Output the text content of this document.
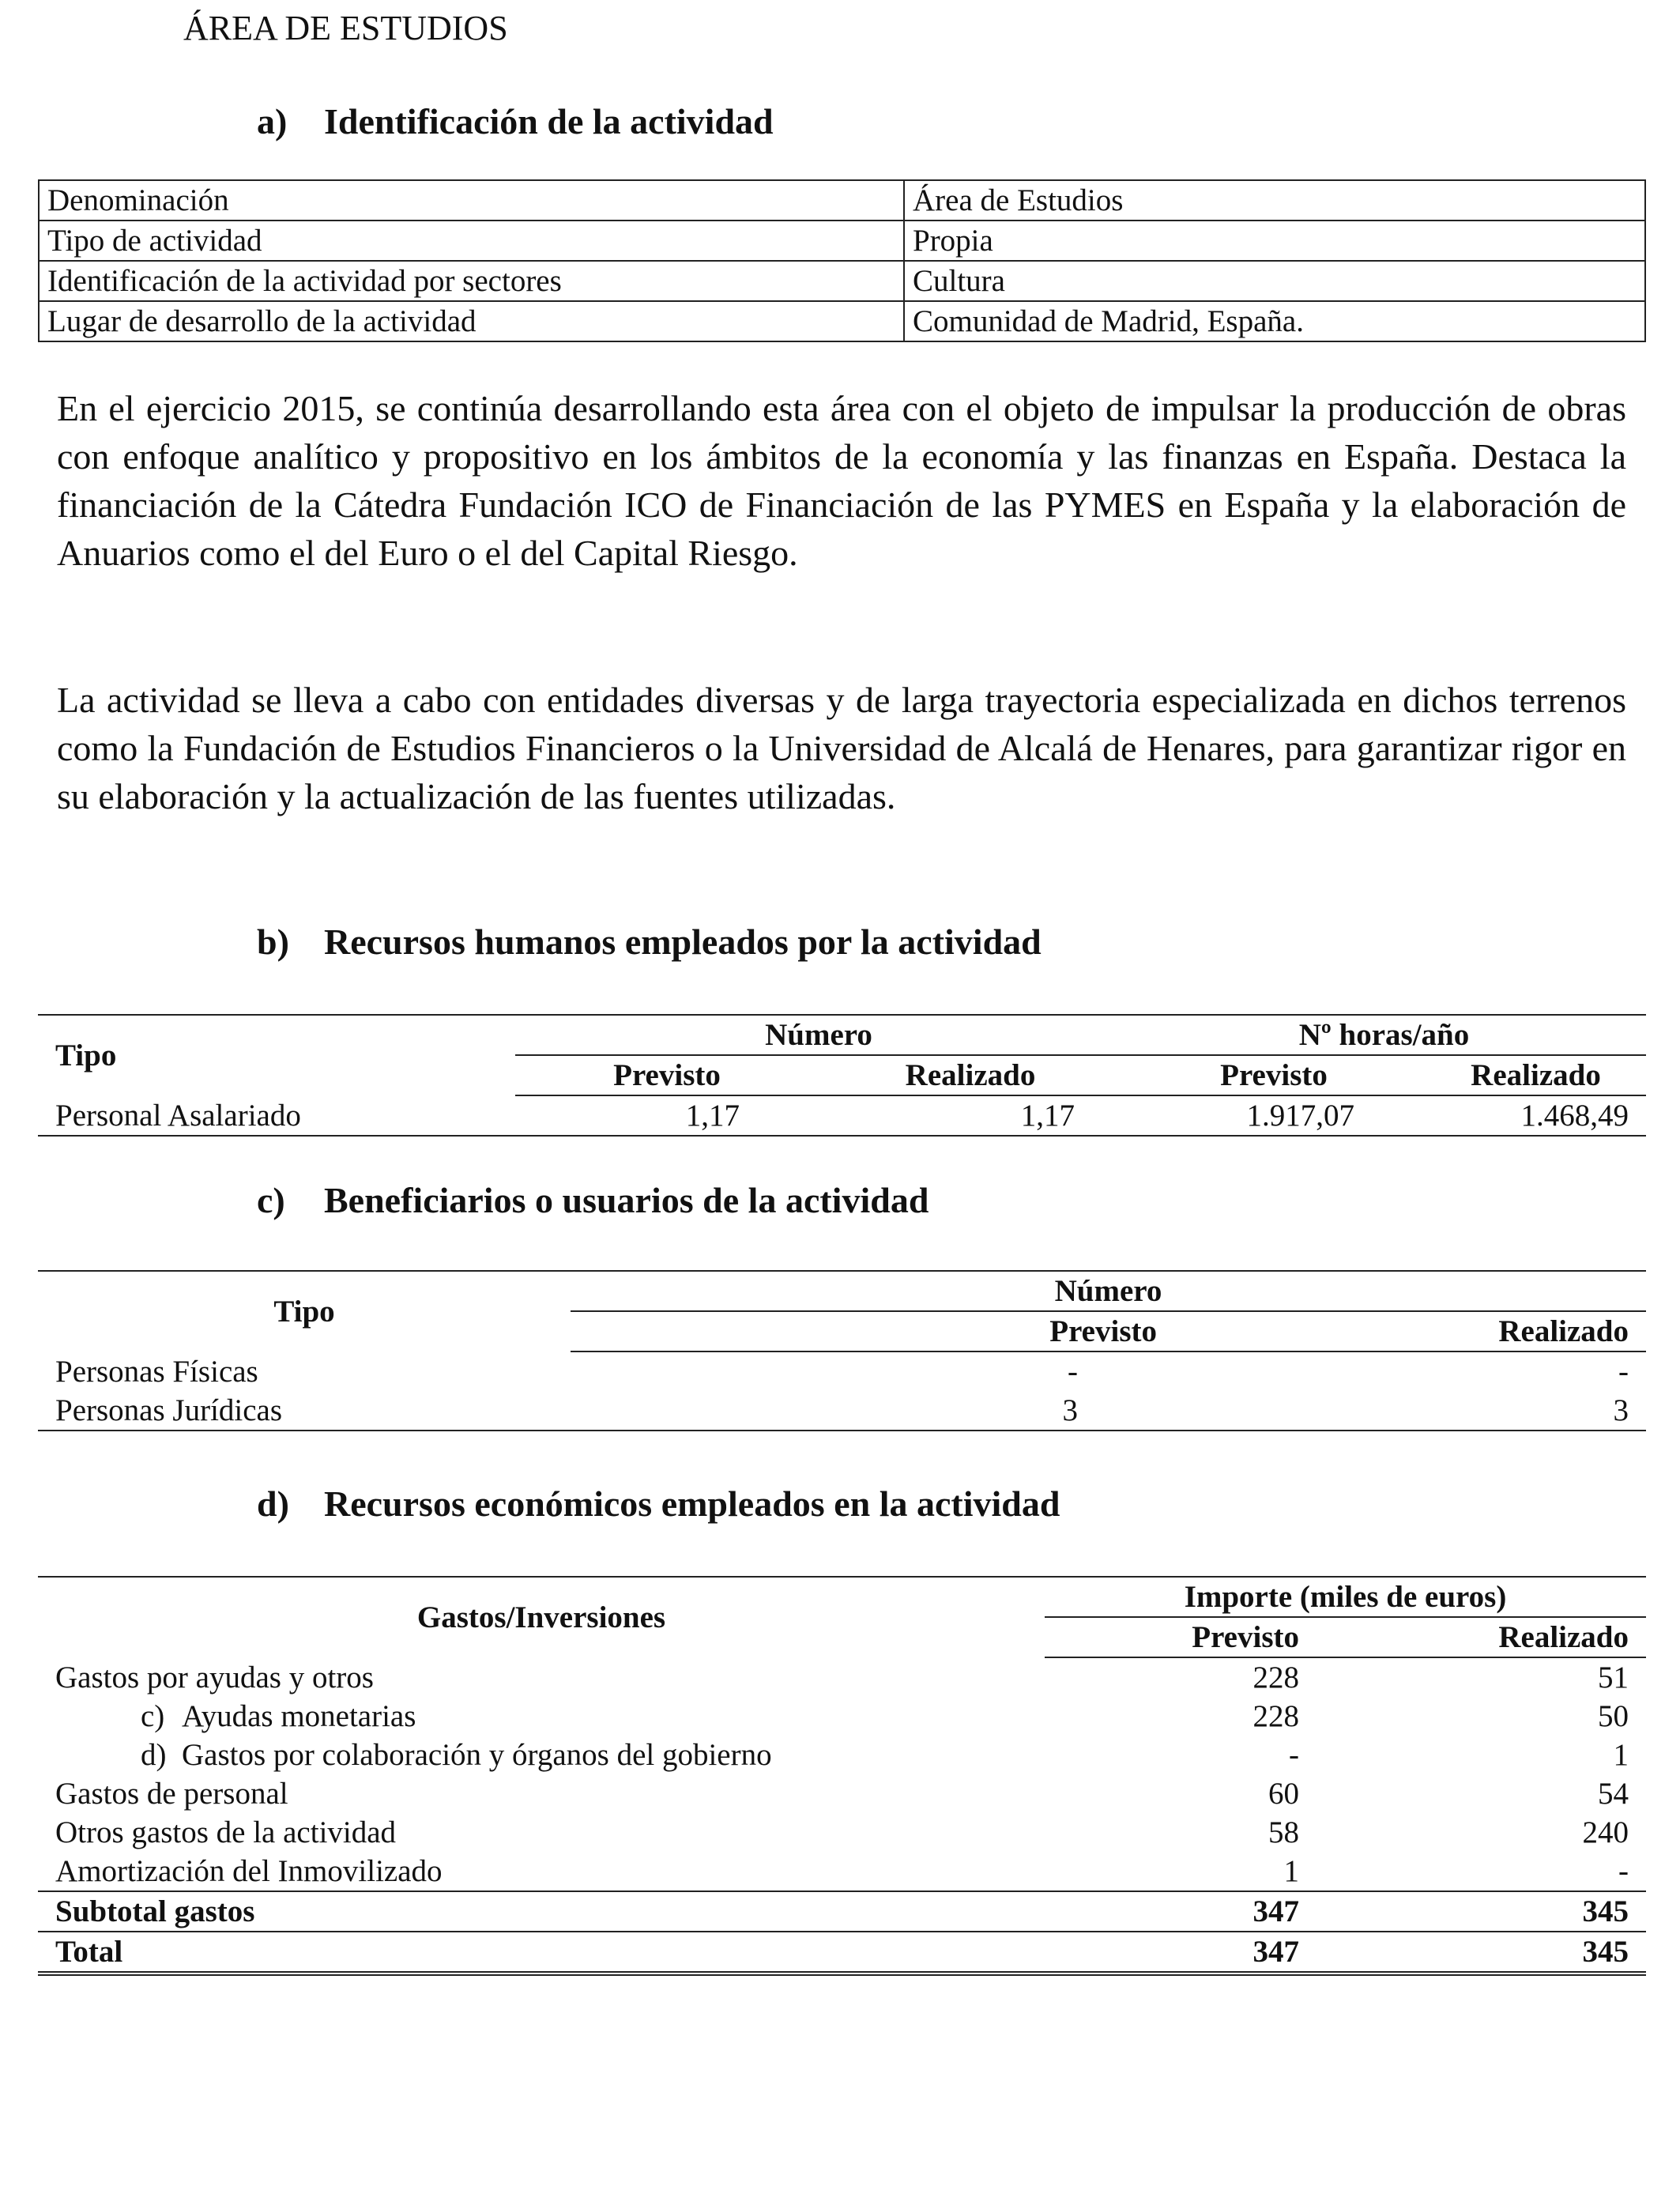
ÁREA DE ESTUDIOS
a) Identificación de la actividad
Denominación	Área de Estudios
Tipo de actividad	Propia
Identificación de la actividad por sectores	Cultura
Lugar de desarrollo de la actividad	Comunidad de Madrid, España.

En el ejercicio 2015, se continúa desarrollando esta área con el objeto de impulsar la producción de obras con enfoque analítico y propositivo en los ámbitos de la economía y las finanzas en España. Destaca la financiación de la Cátedra Fundación ICO de Financiación de las PYMES en España y la elaboración de Anuarios como el del Euro o el del Capital Riesgo.

La actividad se lleva a cabo con entidades diversas y de larga trayectoria especializada en dichos terrenos como la Fundación de Estudios Financieros o la Universidad de Alcalá de Henares, para garantizar rigor en su elaboración y la actualización de las fuentes utilizadas.

b) Recursos humanos empleados por la actividad
Tipo	Número		Nº horas/año	
	Previsto	Realizado	Previsto	Realizado
Personal Asalariado	1,17	1,17	1.917,07	1.468,49
c) Beneficiarios o usuarios de la actividad
Tipo	Número	
	Previsto	Realizado
Personas Físicas	-	-
Personas Jurídicas	3	3
d) Recursos económicos empleados en la actividad
Gastos/Inversiones	Importe (miles de euros)	
	Previsto	Realizado
Gastos por ayudas y otros	228	51
c) Ayudas monetarias	228	50
d) Gastos por colaboración y órganos del gobierno	-	1
Gastos de personal	60	54
Otros gastos de la actividad	58	240
Amortización del Inmovilizado	1	-
Subtotal gastos	347	345
Total	347	345
